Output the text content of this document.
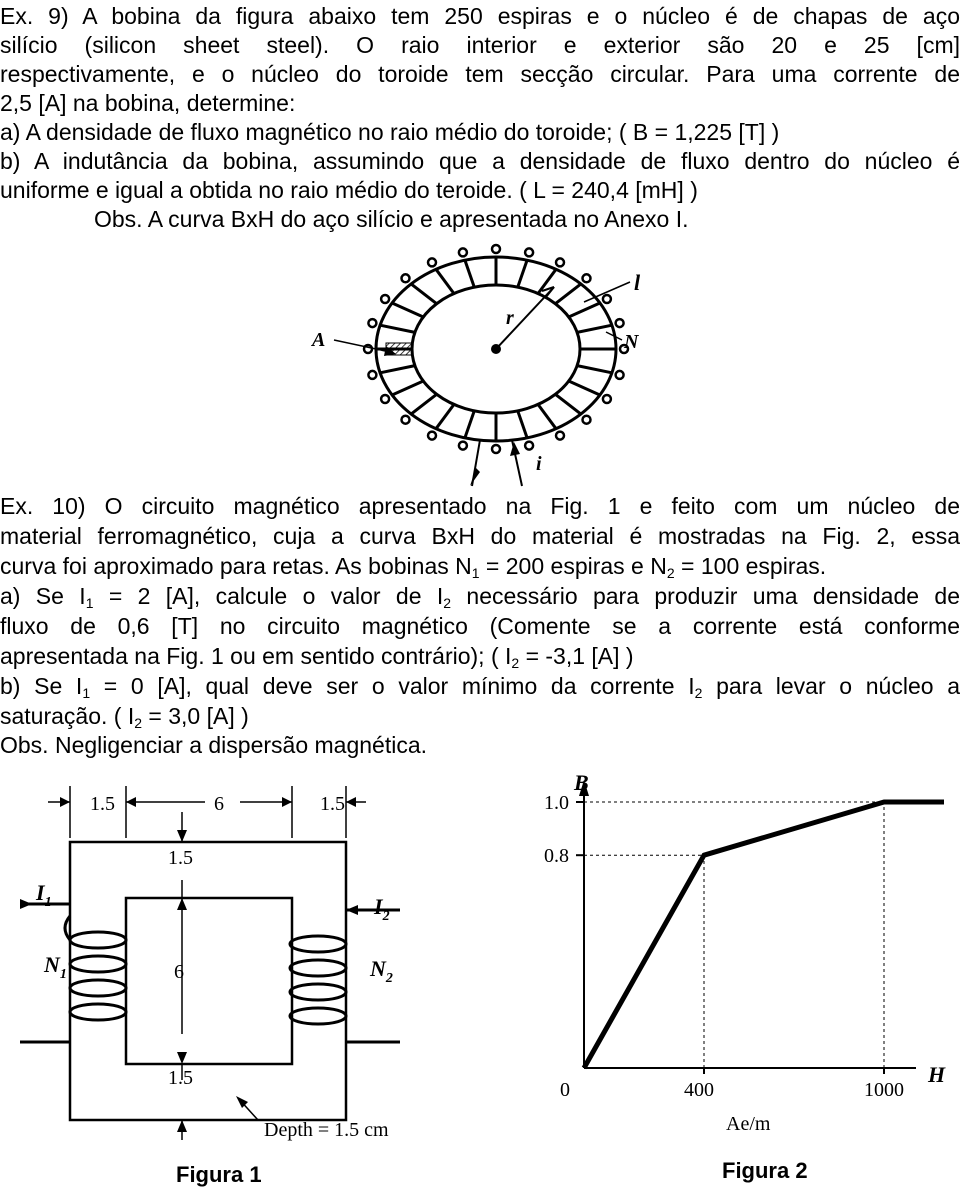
Ex. 9) A bobina da figura abaixo tem 250 espiras e o núcleo é de chapas de aço
silício (silicon sheet steel). O raio interior e exterior são 20 e 25 [cm]
respectivamente, e o núcleo do toroide tem secção circular. Para uma corrente de
2,5 [A] na bobina, determine:
a) A densidade de fluxo magnético no raio médio do toroide; ( B = 1,225 [T] )
b) A indutância da bobina, assumindo que a densidade de fluxo dentro do núcleo é
uniforme e igual a obtida no raio médio do teroide. ( L = 240,4 [mH] )
Obs. A curva BxH do aço silício e apresentada no Anexo I.
r
l
A	N
i
Ex. 10) O circuito magnético apresentado na Fig. 1 e feito com um núcleo de
material ferromagnético, cuja a curva BxH do material é mostradas na Fig. 2, essa
curva foi aproximado para retas. As bobinas $N_1 = 200$ espiras e $N_2 = 100$ espiras.
a) Se $I_1 = 2$ [A], calcule o valor de $I_2$ necessário para produzir uma densidade de
fluxo de 0,6 [T] no circuito magnético (Comente se a corrente está conforme
apresentada na Fig. 1 ou em sentido contrário); ( $I_2 = -3,1$ [A] )
b) Se $I_1 = 0$ [A], qual deve ser o valor mínimo da corrente $I_2$ para levar o núcleo a
saturação. ( $I_2 = 3,0$ [A] )
Obs. Negligenciar a dispersão magnética.
1.5	6	1.5
1.5
6
1.5
$I_1$
$N_1$
$I_2$
$N_2$
Depth = 1.5 cm
Figura 1
B
H
Ae/m
1.0
0.8
0	400	1000
Figura 2
